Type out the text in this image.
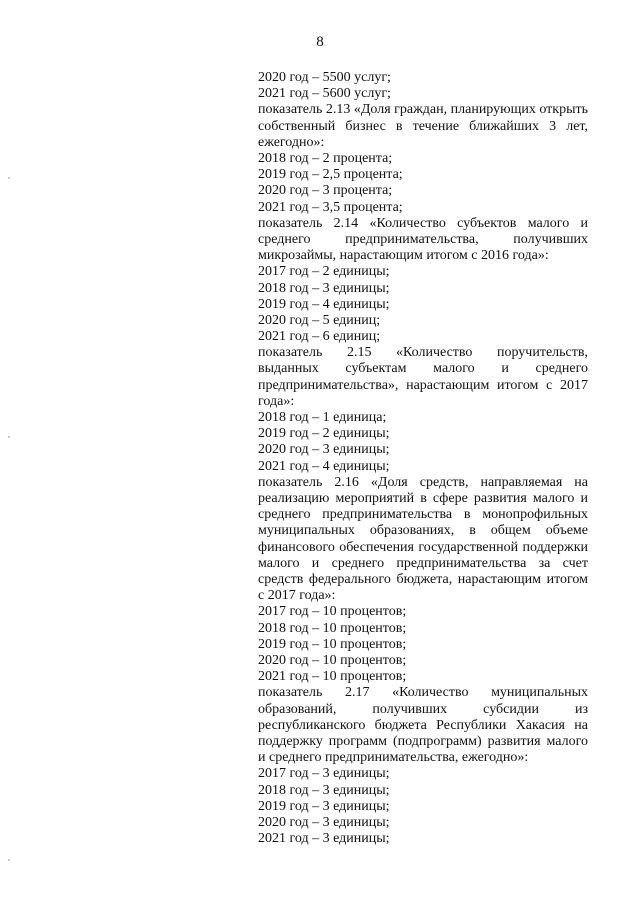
8
2020 год – 5500 услуг;
2021 год – 5600 услуг;
показатель 2.13 «Доля граждан, планирующих открыть собственный бизнес в течение ближайших 3 лет, ежегодно»:
2018 год – 2 процента;
2019 год – 2,5 процента;
2020 год – 3 процента;
2021 год – 3,5 процента;
показатель 2.14 «Количество субъектов малого и среднего предпринимательства, получивших микрозаймы, нарастающим итогом с 2016 года»:
2017 год – 2 единицы;
2018 год – 3 единицы;
2019 год – 4 единицы;
2020 год – 5 единиц;
2021 год – 6 единиц;
показатель 2.15 «Количество поручительств, выданных субъектам малого и среднего предпринимательства», нарастающим итогом с 2017 года»:
2018 год – 1 единица;
2019 год – 2 единицы;
2020 год – 3 единицы;
2021 год – 4 единицы;
показатель 2.16 «Доля средств, направляемая на реализацию мероприятий в сфере развития малого и среднего предпринимательства в монопрофильных муниципальных образованиях, в общем объеме финансового обеспечения государственной поддержки малого и среднего предпринимательства за счет средств федерального бюджета, нарастающим итогом с 2017 года»:
2017 год – 10 процентов;
2018 год – 10 процентов;
2019 год – 10 процентов;
2020 год – 10 процентов;
2021 год – 10 процентов;
показатель 2.17 «Количество муниципальных образований, получивших субсидии из республиканского бюджета Республики Хакасия на поддержку программ (подпрограмм) развития малого и среднего предпринимательства, ежегодно»:
2017 год – 3 единицы;
2018 год – 3 единицы;
2019 год – 3 единицы;
2020 год – 3 единицы;
2021 год – 3 единицы;
